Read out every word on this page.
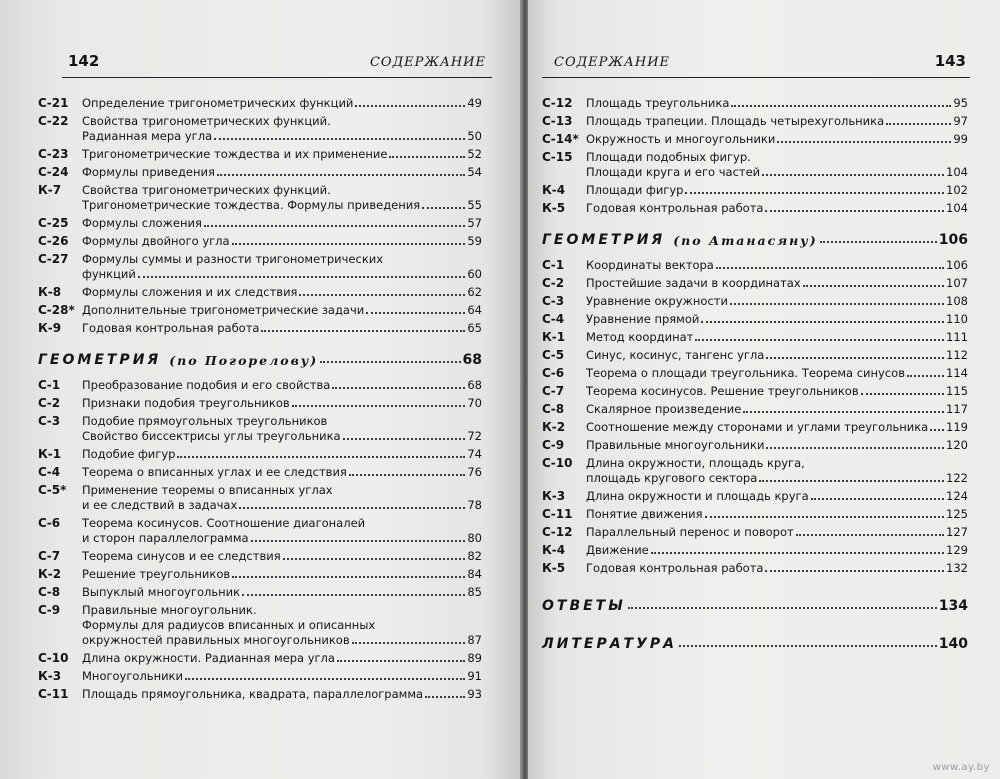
142	СОДЕРЖАНИЕ
С-21	Определение тригонометрических функций	49
С-22	Свойства тригонометрических функций.
Радианная мера угла	50
С-23	Тригонометрические тождества и их применение	52
С-24	Формулы приведения	54
К-7	Свойства тригонометрических функций.
Тригонометрические тождества. Формулы приведения	55
С-25	Формулы сложения	57
С-26	Формулы двойного угла	59
С-27	Формулы суммы и разности тригонометрических
функций	60
К-8	Формулы сложения и их следствия	62
С-28* Дополнительные тригонометрические задачи	64
К-9	Годовая контрольная работа	65
ГЕОМЕТРИЯ (по Погорелову)	68
С-1	Преобразование подобия и его свойства	68
С-2	Признаки подобия треугольников	70
С-3	Подобие прямоугольных треугольников
Свойство биссектрисы углы треугольника	72
К-1	Подобие фигур	74
С-4	Теорема о вписанных углах и ее следствия	76
С-5*	Применение теоремы о вписанных углах
и ее следствий в задачах	78
С-6	Теорема косинусов. Соотношение диагоналей
и сторон параллелограмма	80
С-7	Теорема синусов и ее следствия	82
К-2	Решение треугольников	84
С-8	Выпуклый многоугольник	85
С-9	Правильные многоугольник.
Формулы для радиусов вписанных и описанных
окружностей правильных многоугольников	87
С-10	Длина окружности. Радианная мера угла	89
К-3	Многоугольники	91
С-11	Площадь прямоугольника, квадрата, параллелограмма	93
СОДЕРЖАНИЕ	143
С-12	Площадь треугольника	95
С-13	Площадь трапеции. Площадь четырехугольника	97
С-14* Окружность и многоугольники	99
С-15	Площади подобных фигур.
Площади круга и его частей	104
К-4	Площади фигур	102
К-5	Годовая контрольная работа	104
ГЕОМЕТРИЯ (по Атанасяну)	106
С-1	Координаты вектора	106
С-2	Простейшие задачи в координатах	107
С-3	Уравнение окружности	108
С-4	Уравнение прямой	110
К-1	Метод координат	111
С-5	Синус, косинус, тангенс угла	112
С-6	Теорема о площади треугольника. Теорема синусов	114
С-7	Теорема косинусов. Решение треугольников	115
С-8	Скалярное произведение	117
К-2	Соотношение между сторонами и углами треугольника 119
С-9	Правильные многоугольники	120
С-10	Длина окружности, площадь круга,
площадь кругового сектора	122
К-3	Длина окружности и площадь круга	124
С-11	Понятие движения	125
С-12	Параллельный перенос и поворот	127
К-4	Движение	129
К-5	Годовая контрольная работа	132
ОТВЕТЫ	134
ЛИТЕРАТУРА	140
www.ay.by
